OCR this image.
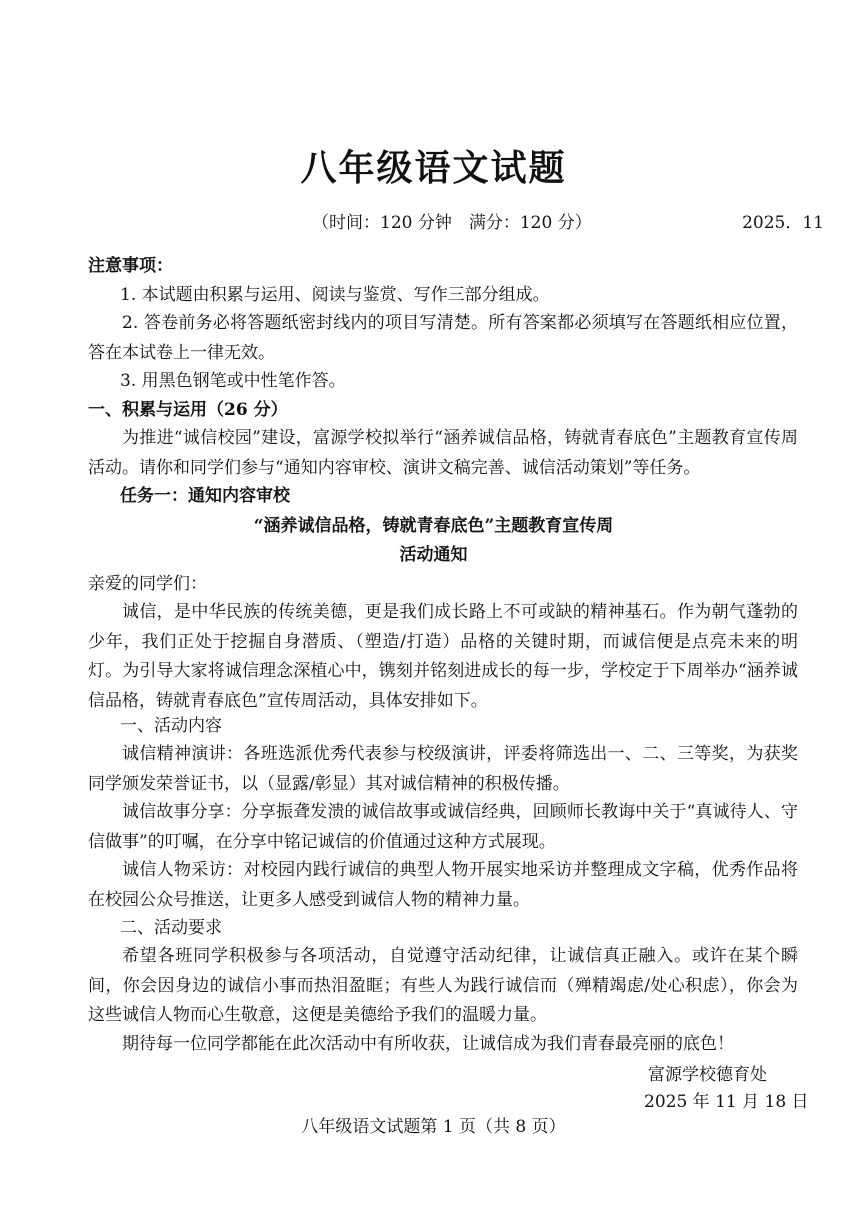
八年级语文试题
（时间：120 分钟　满分：120 分）	2025．11
注意事项：
1. 本试题由积累与运用、阅读与鉴赏、写作三部分组成。
2. 答卷前务必将答题纸密封线内的项目写清楚。所有答案都必须填写在答题纸相应位置，答在本试卷上一律无效。
3. 用黑色钢笔或中性笔作答。
一、积累与运用（26 分）
为推进“诚信校园”建设，富源学校拟举行“涵养诚信品格，铸就青春底色”主题教育宣传周活动。请你和同学们参与“通知内容审校、演讲文稿完善、诚信活动策划”等任务。
任务一：通知内容审校
“涵养诚信品格，铸就青春底色”主题教育宣传周
活动通知
亲爱的同学们：
诚信，是中华民族的传统美德，更是我们成长路上不可或缺的精神基石。作为朝气蓬勃的少年，我们正处于挖掘自身潜质、（塑造/打造）品格的关键时期，而诚信便是点亮未来的明灯。为引导大家将诚信理念深植心中，镌刻并铭刻进成长的每一步，学校定于下周举办“涵养诚信品格，铸就青春底色”宣传周活动，具体安排如下。
一、活动内容
诚信精神演讲：各班选派优秀代表参与校级演讲，评委将筛选出一、二、三等奖，为获奖同学颁发荣誉证书，以（显露/彰显）其对诚信精神的积极传播。
诚信故事分享：分享振聋发溃的诚信故事或诚信经典，回顾师长教诲中关于“真诚待人、守信做事”的叮嘱，在分享中铭记诚信的价值通过这种方式展现。
诚信人物采访：对校园内践行诚信的典型人物开展实地采访并整理成文字稿，优秀作品将在校园公众号推送，让更多人感受到诚信人物的精神力量。
二、活动要求
希望各班同学积极参与各项活动，自觉遵守活动纪律，让诚信真正融入。或许在某个瞬间，你会因身边的诚信小事而热泪盈眶；有些人为践行诚信而（殚精竭虑/处心积虑），你会为这些诚信人物而心生敬意，这便是美德给予我们的温暖力量。
期待每一位同学都能在此次活动中有所收获，让诚信成为我们青春最亮丽的底色！
富源学校德育处
2025 年 11 月 18 日
八年级语文试题第 1 页（共 8 页）
